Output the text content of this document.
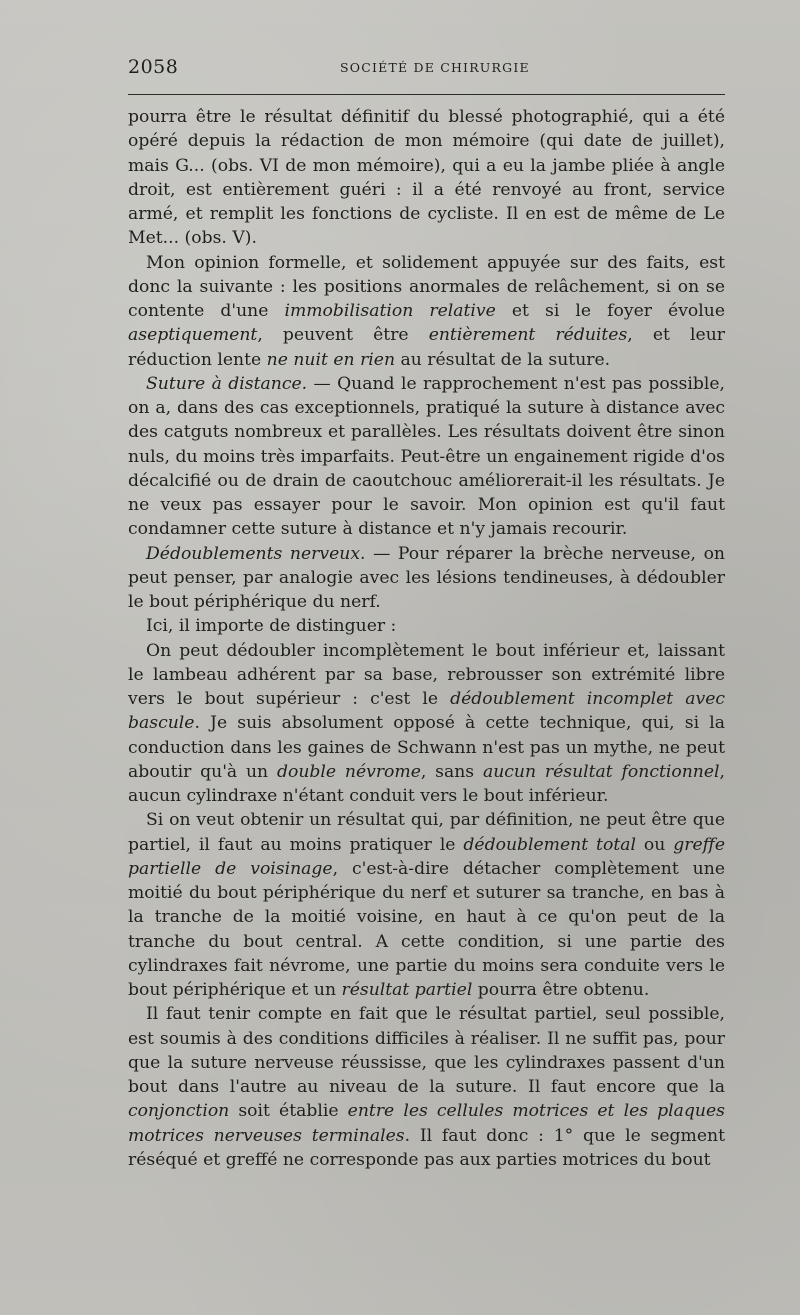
2058	SOCIÉTÉ DE CHIRURGIE

pourra être le résultat définitif du blessé photographié, qui a été opéré depuis la rédaction de mon mémoire (qui date de juillet), mais G... (obs. VI de mon mémoire), qui a eu la jambe pliée à angle droit, est entièrement guéri : il a été renvoyé au front, service armé, et remplit les fonctions de cycliste. Il en est de même de Le Met... (obs. V).

Mon opinion formelle, et solidement appuyée sur des faits, est donc la suivante : les positions anormales de relâchement, si on se contente d'une immobilisation relative et si le foyer évolue aseptiquement, peuvent être entièrement réduites, et leur réduction lente ne nuit en rien au résultat de la suture.

Suture à distance. — Quand le rapprochement n'est pas possible, on a, dans des cas exceptionnels, pratiqué la suture à distance avec des catguts nombreux et parallèles. Les résultats doivent être sinon nuls, du moins très imparfaits. Peut-être un engainement rigide d'os décalcifié ou de drain de caoutchouc améliorerait-il les résultats. Je ne veux pas essayer pour le savoir. Mon opinion est qu'il faut condamner cette suture à distance et n'y jamais recourir.

Dédoublements nerveux. — Pour réparer la brèche nerveuse, on peut penser, par analogie avec les lésions tendineuses, à dédoubler le bout périphérique du nerf.

Ici, il importe de distinguer :

On peut dédoubler incomplètement le bout inférieur et, laissant le lambeau adhérent par sa base, rebrousser son extrémité libre vers le bout supérieur : c'est le dédoublement incomplet avec bascule. Je suis absolument opposé à cette technique, qui, si la conduction dans les gaines de Schwann n'est pas un mythe, ne peut aboutir qu'à un double névrome, sans aucun résultat fonctionnel, aucun cylindraxe n'étant conduit vers le bout inférieur.

Si on veut obtenir un résultat qui, par définition, ne peut être que partiel, il faut au moins pratiquer le dédoublement total ou greffe partielle de voisinage, c'est-à-dire détacher complètement une moitié du bout périphérique du nerf et suturer sa tranche, en bas à la tranche de la moitié voisine, en haut à ce qu'on peut de la tranche du bout central. A cette condition, si une partie des cylindraxes fait névrome, une partie du moins sera conduite vers le bout périphérique et un résultat partiel pourra être obtenu.

Il faut tenir compte en fait que le résultat partiel, seul possible, est soumis à des conditions difficiles à réaliser. Il ne suffit pas, pour que la suture nerveuse réussisse, que les cylindraxes passent d'un bout dans l'autre au niveau de la suture. Il faut encore que la conjonction soit établie entre les cellules motrices et les plaques motrices nerveuses terminales. Il faut donc : 1° que le segment réséqué et greffé ne corresponde pas aux parties motrices du bout
